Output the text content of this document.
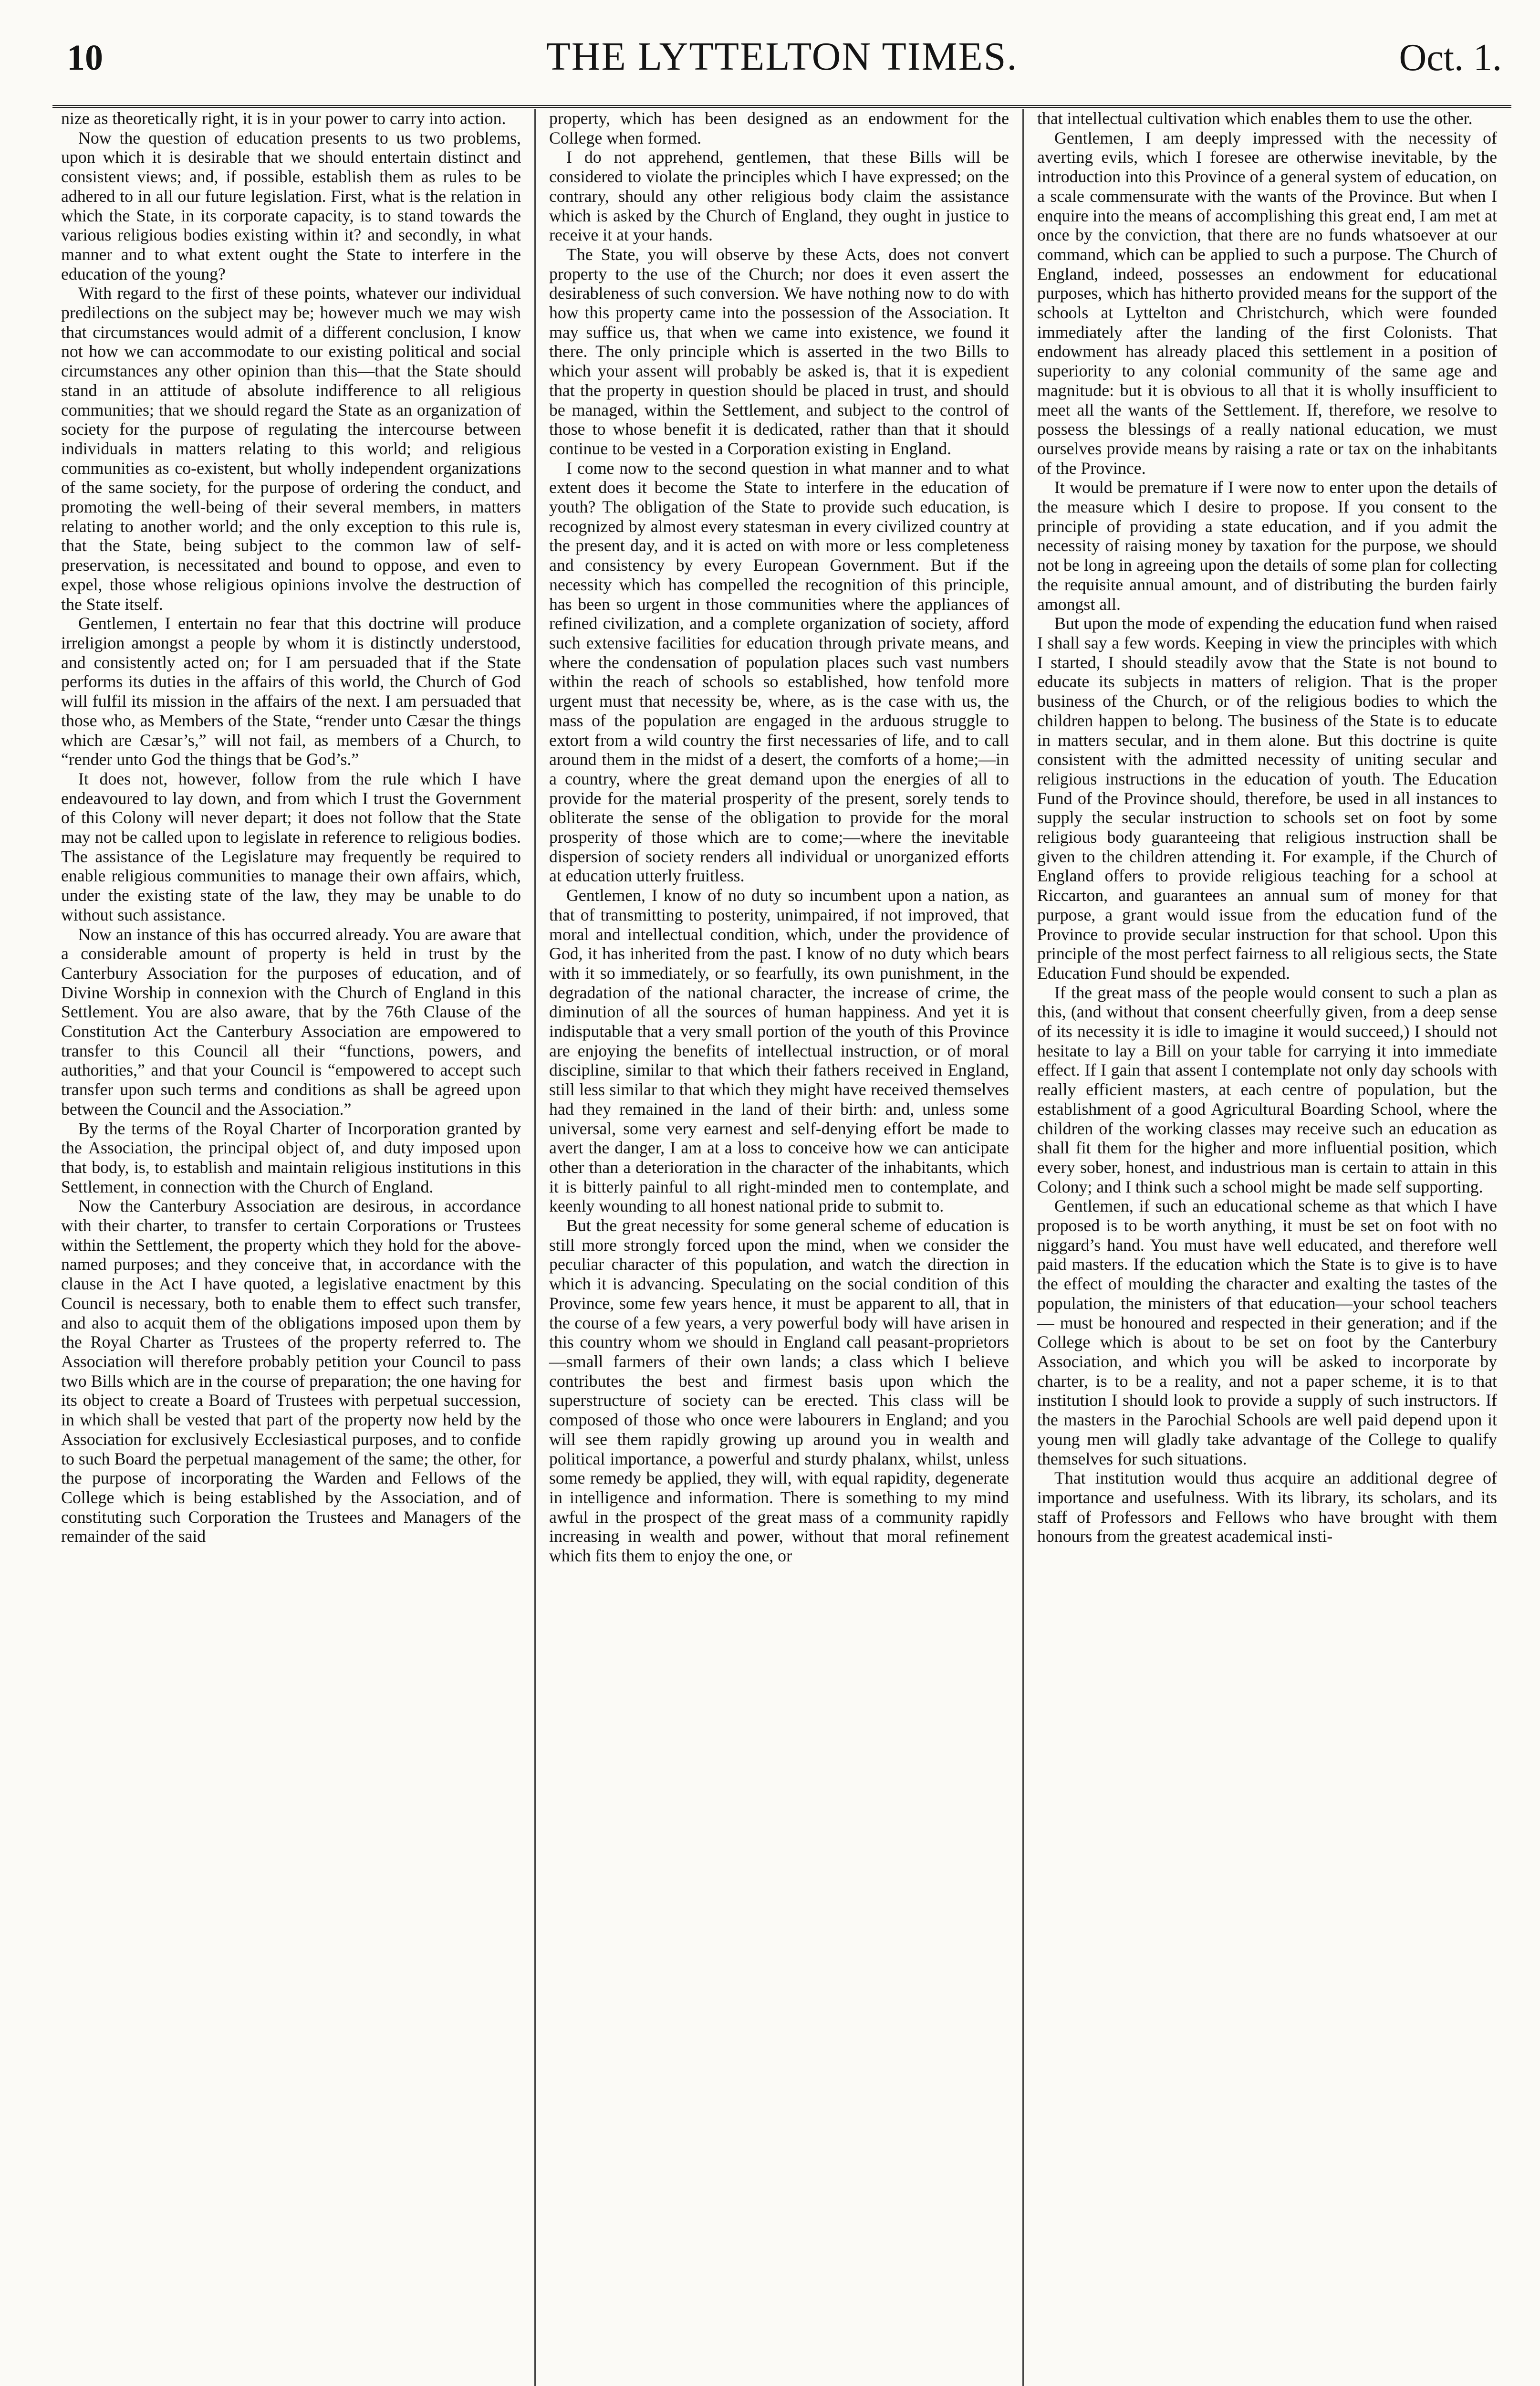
10	THE LYTTELTON TIMES.	Oct. 1.

nize as theoretically right, it is in your power to carry into action.

Now the question of education presents to us two problems, upon which it is desirable that we should entertain distinct and consistent views; and, if possible, establish them as rules to be adhered to in all our future legislation. First, what is the relation in which the State, in its corporate capacity, is to stand towards the various religious bodies existing within it? and secondly, in what manner and to what extent ought the State to interfere in the education of the young?

With regard to the first of these points, whatever our individual predilections on the subject may be; however much we may wish that circumstances would admit of a different conclusion, I know not how we can accommodate to our existing political and social circumstances any other opinion than this—that the State should stand in an attitude of absolute indifference to all religious communities; that we should regard the State as an organization of society for the purpose of regulating the intercourse between individuals in matters relating to this world; and religious communities as co-existent, but wholly independent organizations of the same society, for the purpose of ordering the conduct, and promoting the well-being of their several members, in matters relating to another world; and the only exception to this rule is, that the State, being subject to the common law of self-preservation, is necessitated and bound to oppose, and even to expel, those whose religious opinions involve the destruction of the State itself.

Gentlemen, I entertain no fear that this doctrine will produce irreligion amongst a people by whom it is distinctly understood, and consistently acted on; for I am persuaded that if the State performs its duties in the affairs of this world, the Church of God will fulfil its mission in the affairs of the next. I am persuaded that those who, as Members of the State, “render unto Cæsar the things which are Cæsar’s,” will not fail, as members of a Church, to “render unto God the things that be God’s.”

It does not, however, follow from the rule which I have endeavoured to lay down, and from which I trust the Government of this Colony will never depart; it does not follow that the State may not be called upon to legislate in reference to religious bodies. The assistance of the Legislature may frequently be required to enable religious communities to manage their own affairs, which, under the existing state of the law, they may be unable to do without such assistance.

Now an instance of this has occurred already. You are aware that a considerable amount of property is held in trust by the Canterbury Association for the purposes of education, and of Divine Worship in connexion with the Church of England in this Settlement. You are also aware, that by the 76th Clause of the Constitution Act the Canterbury Association are empowered to transfer to this Council all their “functions, powers, and authorities,” and that your Council is “empowered to accept such transfer upon such terms and conditions as shall be agreed upon between the Council and the Association.”

By the terms of the Royal Charter of Incorporation granted by the Association, the principal object of, and duty imposed upon that body, is, to establish and maintain religious institutions in this Settlement, in connection with the Church of England.

Now the Canterbury Association are desirous, in accordance with their charter, to transfer to certain Corporations or Trustees within the Settlement, the property which they hold for the above-named purposes; and they conceive that, in accordance with the clause in the Act I have quoted, a legislative enactment by this Council is necessary, both to enable them to effect such transfer, and also to acquit them of the obligations imposed upon them by the Royal Charter as Trustees of the property referred to. The Association will therefore probably petition your Council to pass two Bills which are in the course of preparation; the one having for its object to create a Board of Trustees with perpetual succession, in which shall be vested that part of the property now held by the Association for exclusively Ecclesiastical purposes, and to confide to such Board the perpetual management of the same; the other, for the purpose of incorporating the Warden and Fellows of the College which is being established by the Association, and of constituting such Corporation the Trustees and Managers of the remainder of the said

property, which has been designed as an endowment for the College when formed.

I do not apprehend, gentlemen, that these Bills will be considered to violate the principles which I have expressed; on the contrary, should any other religious body claim the assistance which is asked by the Church of England, they ought in justice to receive it at your hands.

The State, you will observe by these Acts, does not convert property to the use of the Church; nor does it even assert the desirableness of such conversion. We have nothing now to do with how this property came into the possession of the Association. It may suffice us, that when we came into existence, we found it there. The only principle which is asserted in the two Bills to which your assent will probably be asked is, that it is expedient that the property in question should be placed in trust, and should be managed, within the Settlement, and subject to the control of those to whose benefit it is dedicated, rather than that it should continue to be vested in a Corporation existing in England.

I come now to the second question in what manner and to what extent does it become the State to interfere in the education of youth? The obligation of the State to provide such education, is recognized by almost every statesman in every civilized country at the present day, and it is acted on with more or less completeness and consistency by every European Government. But if the necessity which has compelled the recognition of this principle, has been so urgent in those communities where the appliances of refined civilization, and a complete organization of society, afford such extensive facilities for education through private means, and where the condensation of population places such vast numbers within the reach of schools so established, how tenfold more urgent must that necessity be, where, as is the case with us, the mass of the population are engaged in the arduous struggle to extort from a wild country the first necessaries of life, and to call around them in the midst of a desert, the comforts of a home;—in a country, where the great demand upon the energies of all to provide for the material prosperity of the present, sorely tends to obliterate the sense of the obligation to provide for the moral prosperity of those which are to come;—where the inevitable dispersion of society renders all individual or unorganized efforts at education utterly fruitless.

Gentlemen, I know of no duty so incumbent upon a nation, as that of transmitting to posterity, unimpaired, if not improved, that moral and intellectual condition, which, under the providence of God, it has inherited from the past. I know of no duty which bears with it so immediately, or so fearfully, its own punishment, in the degradation of the national character, the increase of crime, the diminution of all the sources of human happiness. And yet it is indisputable that a very small portion of the youth of this Province are enjoying the benefits of intellectual instruction, or of moral discipline, similar to that which their fathers received in England, still less similar to that which they might have received themselves had they remained in the land of their birth: and, unless some universal, some very earnest and self-denying effort be made to avert the danger, I am at a loss to conceive how we can anticipate other than a deterioration in the character of the inhabitants, which it is bitterly painful to all right-minded men to contemplate, and keenly wounding to all honest national pride to submit to.

But the great necessity for some general scheme of education is still more strongly forced upon the mind, when we consider the peculiar character of this population, and watch the direction in which it is advancing. Speculating on the social condition of this Province, some few years hence, it must be apparent to all, that in the course of a few years, a very powerful body will have arisen in this country whom we should in England call peasant-proprietors—small farmers of their own lands; a class which I believe contributes the best and firmest basis upon which the superstructure of society can be erected. This class will be composed of those who once were labourers in England; and you will see them rapidly growing up around you in wealth and political importance, a powerful and sturdy phalanx, whilst, unless some remedy be applied, they will, with equal rapidity, degenerate in intelligence and information. There is something to my mind awful in the prospect of the great mass of a community rapidly increasing in wealth and power, without that moral refinement which fits them to enjoy the one, or

that intellectual cultivation which enables them to use the other.

Gentlemen, I am deeply impressed with the necessity of averting evils, which I foresee are otherwise inevitable, by the introduction into this Province of a general system of education, on a scale commensurate with the wants of the Province. But when I enquire into the means of accomplishing this great end, I am met at once by the conviction, that there are no funds whatsoever at our command, which can be applied to such a purpose. The Church of England, indeed, possesses an endowment for educational purposes, which has hitherto provided means for the support of the schools at Lyttelton and Christchurch, which were founded immediately after the landing of the first Colonists. That endowment has already placed this settlement in a position of superiority to any colonial community of the same age and magnitude: but it is obvious to all that it is wholly insufficient to meet all the wants of the Settlement. If, therefore, we resolve to possess the blessings of a really national education, we must ourselves provide means by raising a rate or tax on the inhabitants of the Province.

It would be premature if I were now to enter upon the details of the measure which I desire to propose. If you consent to the principle of providing a state education, and if you admit the necessity of raising money by taxation for the purpose, we should not be long in agreeing upon the details of some plan for collecting the requisite annual amount, and of distributing the burden fairly amongst all.

But upon the mode of expending the education fund when raised I shall say a few words. Keeping in view the principles with which I started, I should steadily avow that the State is not bound to educate its subjects in matters of religion. That is the proper business of the Church, or of the religious bodies to which the children happen to belong. The business of the State is to educate in matters secular, and in them alone. But this doctrine is quite consistent with the admitted necessity of uniting secular and religious instructions in the education of youth. The Education Fund of the Province should, therefore, be used in all instances to supply the secular instruction to schools set on foot by some religious body guaranteeing that religious instruction shall be given to the children attending it. For example, if the Church of England offers to provide religious teaching for a school at Riccarton, and guarantees an annual sum of money for that purpose, a grant would issue from the education fund of the Province to provide secular instruction for that school. Upon this principle of the most perfect fairness to all religious sects, the State Education Fund should be expended.

If the great mass of the people would consent to such a plan as this, (and without that consent cheerfully given, from a deep sense of its necessity it is idle to imagine it would succeed,) I should not hesitate to lay a Bill on your table for carrying it into immediate effect. If I gain that assent I contemplate not only day schools with really efficient masters, at each centre of population, but the establishment of a good Agricultural Boarding School, where the children of the working classes may receive such an education as shall fit them for the higher and more influential position, which every sober, honest, and industrious man is certain to attain in this Colony; and I think such a school might be made self supporting.

Gentlemen, if such an educational scheme as that which I have proposed is to be worth anything, it must be set on foot with no niggard’s hand. You must have well educated, and therefore well paid masters. If the education which the State is to give is to have the effect of moulding the character and exalting the tastes of the population, the ministers of that education—your school teachers — must be honoured and respected in their generation; and if the College which is about to be set on foot by the Canterbury Association, and which you will be asked to incorporate by charter, is to be a reality, and not a paper scheme, it is to that institution I should look to provide a supply of such instructors. If the masters in the Parochial Schools are well paid depend upon it young men will gladly take advantage of the College to qualify themselves for such situations.

That institution would thus acquire an additional degree of importance and usefulness. With its library, its scholars, and its staff of Professors and Fellows who have brought with them honours from the greatest academical insti-
